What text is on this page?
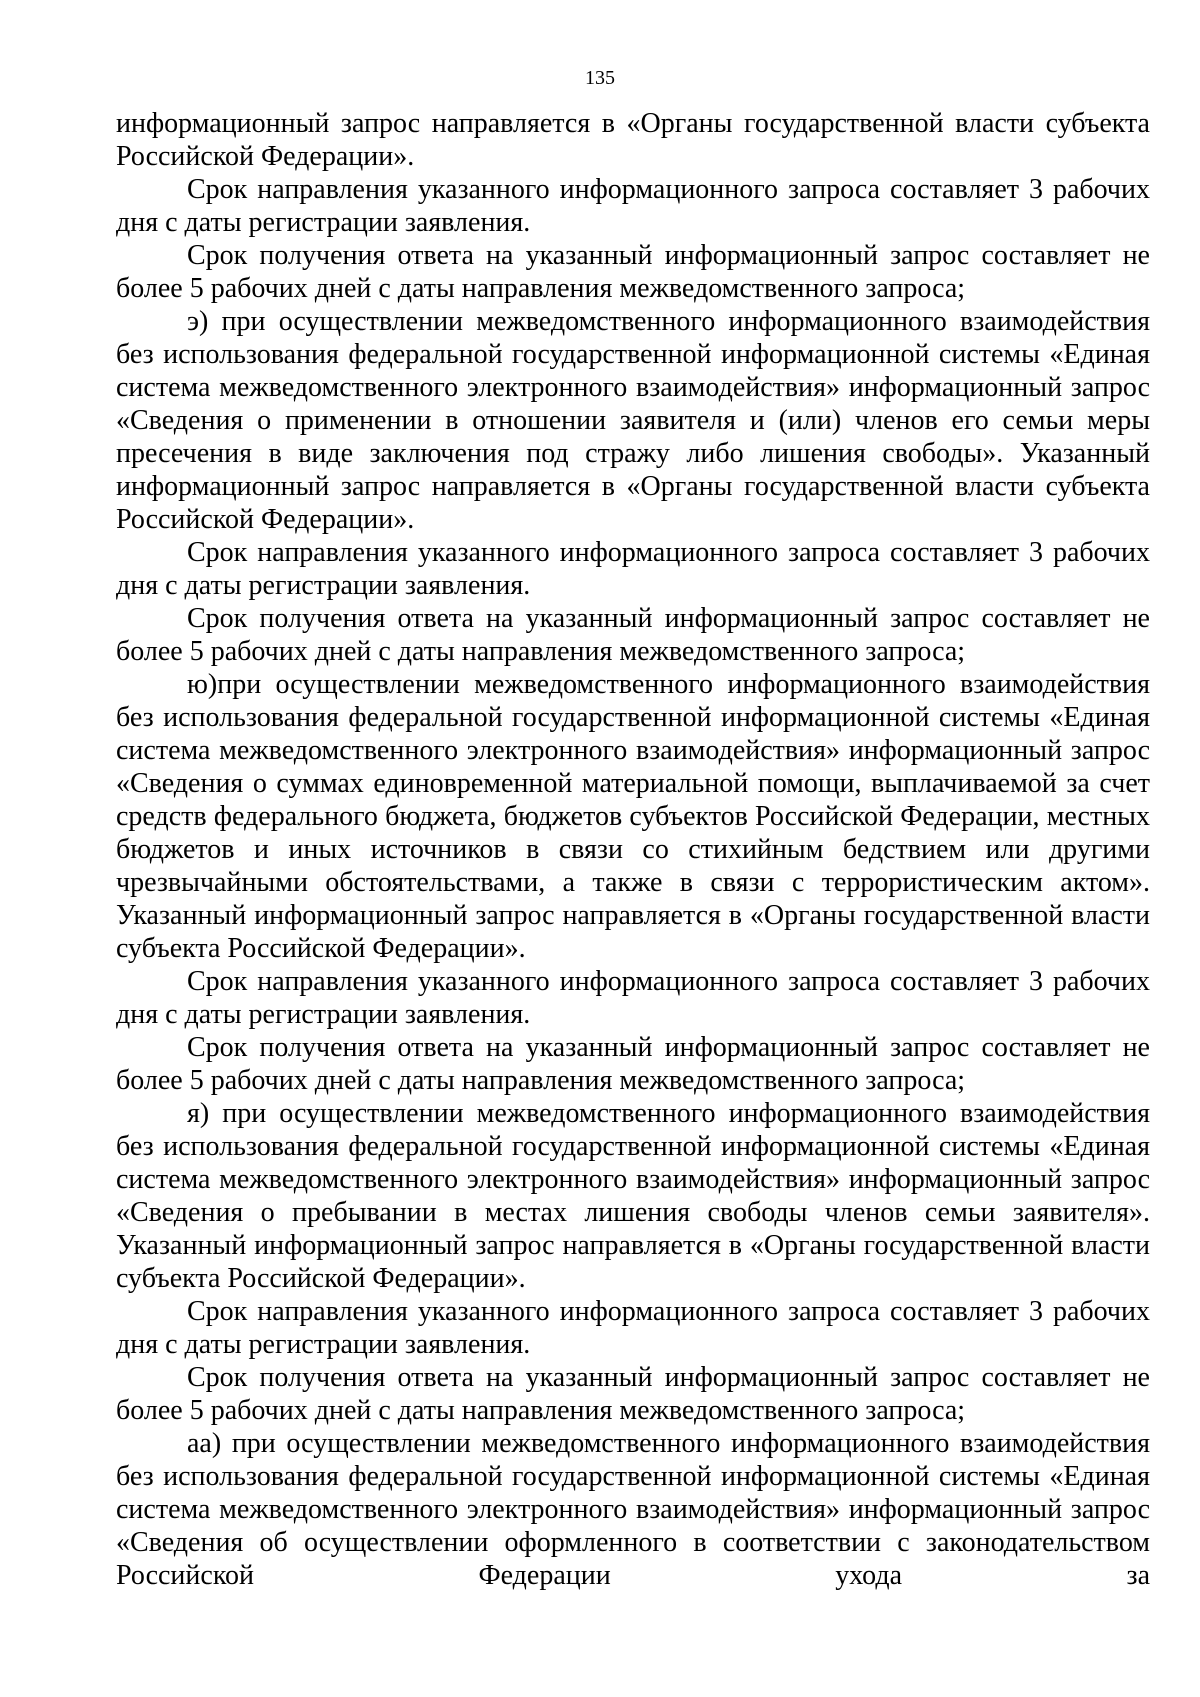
135

информационный запрос направляется в «Органы государственной власти субъекта Российской Федерации».

Срок направления указанного информационного запроса составляет 3 рабочих дня с даты регистрации заявления.

Срок получения ответа на указанный информационный запрос составляет не более 5 рабочих дней с даты направления межведомственного запроса;

э) при осуществлении межведомственного информационного взаимодействия без использования федеральной государственной информационной системы «Единая система межведомственного электронного взаимодействия» информационный запрос «Сведения о применении в отношении заявителя и (или) членов его семьи меры пресечения в виде заключения под стражу либо лишения свободы». Указанный информационный запрос направляется в «Органы государственной власти субъекта Российской Федерации».

Срок направления указанного информационного запроса составляет 3 рабочих дня с даты регистрации заявления.

Срок получения ответа на указанный информационный запрос составляет не более 5 рабочих дней с даты направления межведомственного запроса;

ю)при осуществлении межведомственного информационного взаимодействия без использования федеральной государственной информационной системы «Единая система межведомственного электронного взаимодействия» информационный запрос «Сведения о суммах единовременной материальной помощи, выплачиваемой за счет средств федерального бюджета, бюджетов субъектов Российской Федерации, местных бюджетов и иных источников в связи со стихийным бедствием или другими чрезвычайными обстоятельствами, а также в связи с террористическим актом». Указанный информационный запрос направляется в «Органы государственной власти субъекта Российской Федерации».

Срок направления указанного информационного запроса составляет 3 рабочих дня с даты регистрации заявления.

Срок получения ответа на указанный информационный запрос составляет не более 5 рабочих дней с даты направления межведомственного запроса;

я) при осуществлении межведомственного информационного взаимодействия без использования федеральной государственной информационной системы «Единая система межведомственного электронного взаимодействия» информационный запрос «Сведения о пребывании в местах лишения свободы членов семьи заявителя». Указанный информационный запрос направляется в «Органы государственной власти субъекта Российской Федерации».

Срок направления указанного информационного запроса составляет 3 рабочих дня с даты регистрации заявления.

Срок получения ответа на указанный информационный запрос составляет не более 5 рабочих дней с даты направления межведомственного запроса;

аа) при осуществлении межведомственного информационного взаимодействия без использования федеральной государственной информационной системы «Единая система межведомственного электронного взаимодействия» информационный запрос «Сведения об осуществлении оформленного в соответствии с законодательством Российской Федерации ухода за
